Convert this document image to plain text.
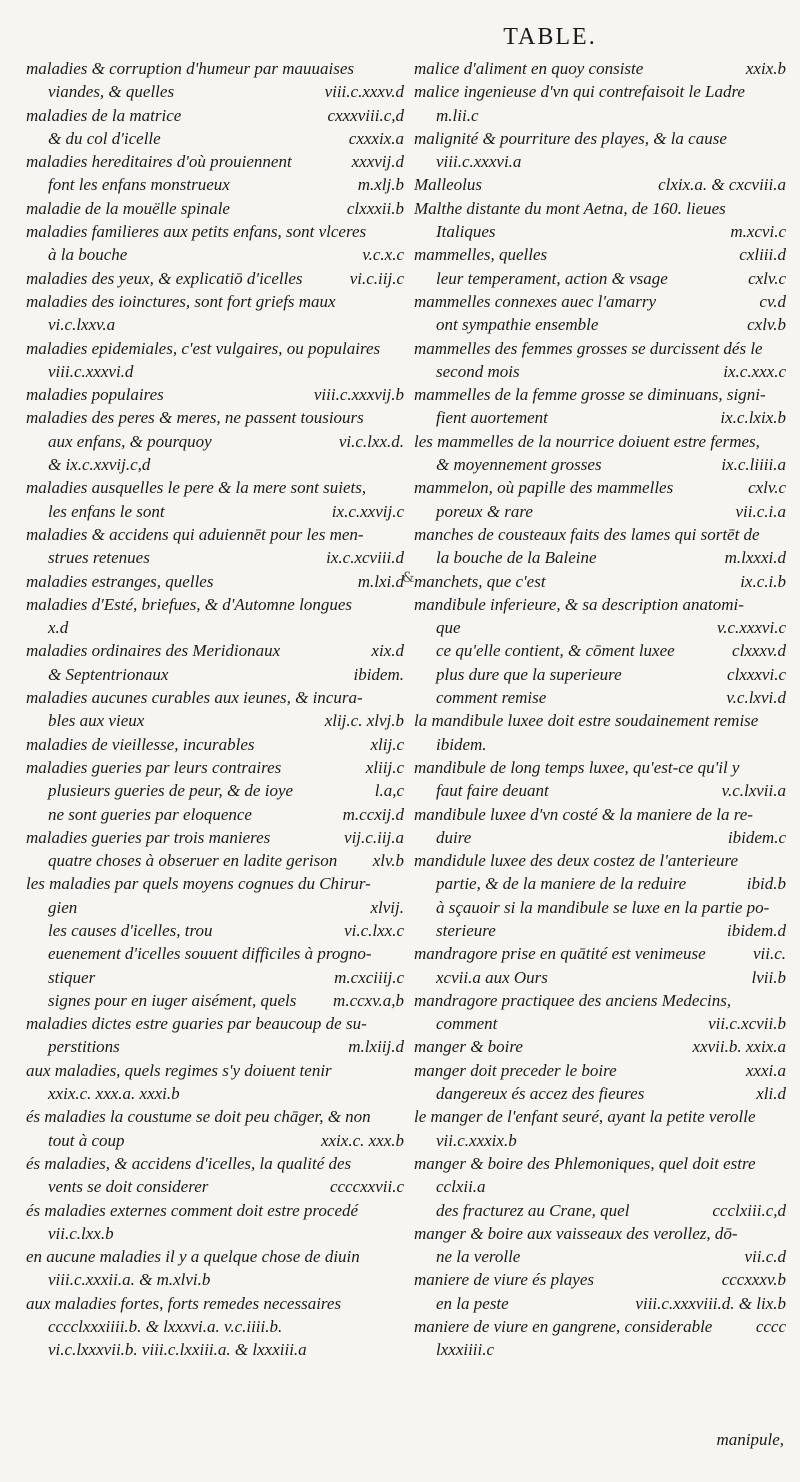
TABLE.
maladies & corruption d'humeur par mauuaises
viandes, & quelles	viii.c.xxxv.d
maladies de la matrice	cxxxviii.c,d
& du col d'icelle	cxxxix.a
maladies hereditaires d'où prouiennent	xxxvij.d
font les enfans monstrueux	m.xlj.b
maladie de la mouëlle spinale	clxxxii.b
maladies familieres aux petits enfans, sont vlceres
à la bouche	v.c.x.c
maladies des yeux, & explicatiō d'icelles	vi.c.iij.c
maladies des ioinctures, sont fort griefs maux
vi.c.lxxv.a
maladies epidemiales, c'est vulgaires, ou populaires
viii.c.xxxvi.d
maladies populaires	viii.c.xxxvij.b
maladies des peres & meres, ne passent tousiours
aux enfans, & pourquoy	vi.c.lxx.d.
& ix.c.xxvij.c,d
maladies ausquelles le pere & la mere sont suiets,
les enfans le sont	ix.c.xxvij.c
maladies & accidens qui aduiennēt pour les men-
strues retenues	ix.c.xcviii.d
maladies estranges, quelles	m.lxi.d
maladies d'Esté, briefues, & d'Automne longues
x.d
maladies ordinaires des Meridionaux	xix.d
& Septentrionaux	ibidem.
maladies aucunes curables aux ieunes, & incura-
bles aux vieux	xlij.c. xlvj.b
maladies de vieillesse, incurables	xlij.c
maladies gueries par leurs contraires	xliij.c
plusieurs gueries de peur, & de ioye	l.a,c
ne sont gueries par eloquence	m.ccxij.d
maladies gueries par trois manieres	vij.c.iij.a
quatre choses à obseruer en ladite gerison xlv.b
les maladies par quels moyens cognues du Chirur-
gien	xlvij.
les causes d'icelles, trou	vi.c.lxx.c
euenement d'icelles souuent difficiles à progno-
stiquer	m.cxciiij.c
signes pour en iuger aisément, quels m.ccxv.a,b
maladies dictes estre guaries par beaucoup de su-
perstitions	m.lxiij.d
aux maladies, quels regimes s'y doiuent tenir
xxix.c. xxx.a. xxxi.b
és maladies la coustume se doit peu chāger, & non
tout à coup	xxix.c. xxx.b
és maladies, & accidens d'icelles, la qualité des
vents se doit considerer	ccccxxvii.c
és maladies externes comment doit estre procedé
vii.c.lxx.b
en aucune maladies il y a quelque chose de diuin
viii.c.xxxii.a. & m.xlvi.b
aux maladies fortes, forts remedes necessaires
cccclxxxiiii.b. & lxxxvi.a. v.c.iiii.b.
vi.c.lxxxvii.b. viii.c.lxxiii.a. & lxxxiii.a
&
malice d'aliment en quoy consiste	xxix.b
malice ingenieuse d'vn qui contrefaisoit le Ladre
m.lii.c
malignité & pourriture des playes, & la cause
viii.c.xxxvi.a
Malleolus	clxix.a. & cxcviii.a
Malthe distante du mont Aetna, de 160. lieues
Italiques	m.xcvi.c
mammelles, quelles	cxliii.d
leur temperament, action & vsage	cxlv.c
mammelles connexes auec l'amarry	cv.d
ont sympathie ensemble	cxlv.b
mammelles des femmes grosses se durcissent dés le
second mois	ix.c.xxx.c
mammelles de la femme grosse se diminuans, signi-
fient auortement	ix.c.lxix.b
les mammelles de la nourrice doiuent estre fermes,
& moyennement grosses	ix.c.liiii.a
mammelon, où papille des mammelles	cxlv.c
poreux & rare	vii.c.i.a
manches de cousteaux faits des lames qui sortēt de
la bouche de la Baleine	m.lxxxi.d
manchets, que c'est	ix.c.i.b
mandibule inferieure, & sa description anatomi-
que	v.c.xxxvi.c
ce qu'elle contient, & cōment luxee	clxxxv.d
plus dure que la superieure	clxxxvi.c
comment remise	v.c.lxvi.d
la mandibule luxee doit estre soudainement remise
ibidem.
mandibule de long temps luxee, qu'est-ce qu'il y
faut faire deuant	v.c.lxvii.a
mandibule luxee d'vn costé & la maniere de la re-
duire	ibidem.c
mandidule luxee des deux costez de l'anterieure
partie, & de la maniere de la reduire	ibid.b
à sçauoir si la mandibule se luxe en la partie po-
sterieure	ibidem.d
mandragore prise en quātité est venimeuse	vii.c.
xcvii.a aux Ours	lvii.b
mandragore practiquee des anciens Medecins,
comment	vii.c.xcvii.b
manger & boire	xxvii.b. xxix.a
manger doit preceder le boire	xxxi.a
dangereux és accez des fieures	xli.d
le manger de l'enfant seuré, ayant la petite verolle
vii.c.xxxix.b
manger & boire des Phlemoniques, quel doit estre
cclxii.a
des fracturez au Crane, quel	ccclxiii.c,d
manger & boire aux vaisseaux des verollez, dō-
ne la verolle	vii.c.d
maniere de viure és playes	cccxxxv.b
en la peste	viii.c.xxxviii.d. & lix.b
maniere de viure en gangrene, considerable	cccc
lxxxiiii.c
manipule,
